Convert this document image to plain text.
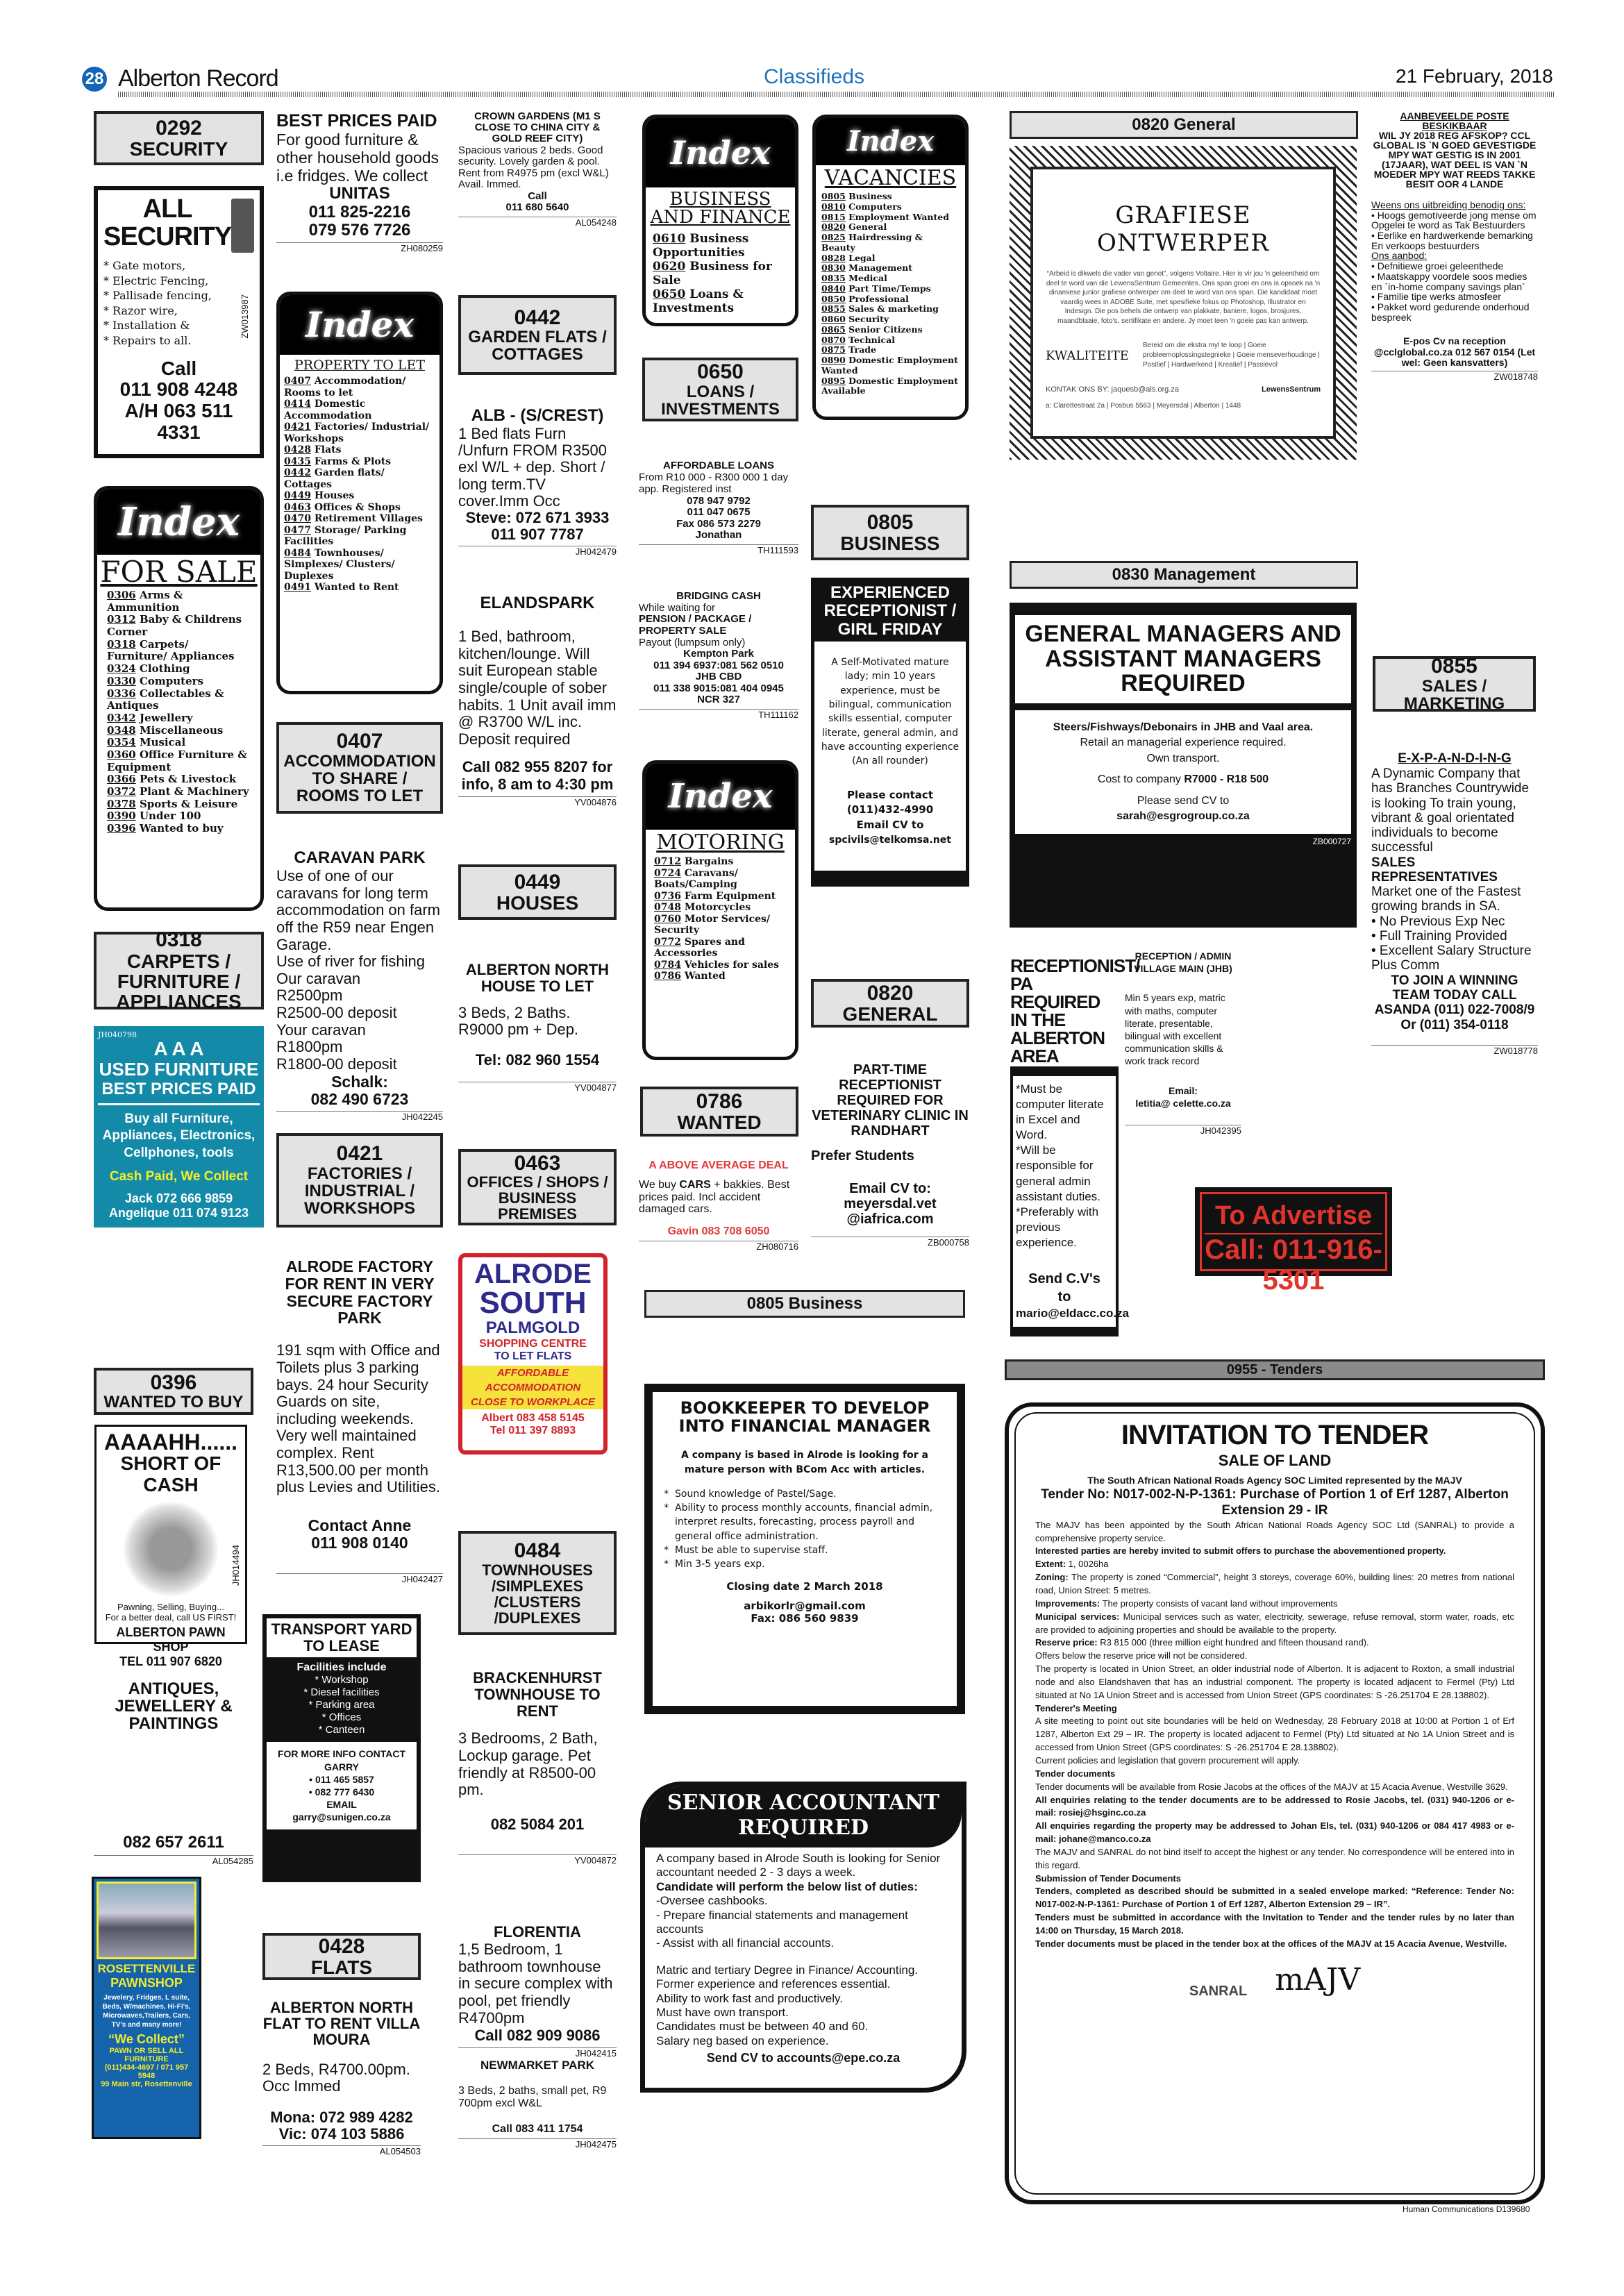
28 Alberton Record	Classifieds	21 February, 2018
0292
SECURITY
ALL
SECURITY
* Gate motors,
* Electric Fencing,
* Pallisade fencing,
* Razor wire,
* Installation &
* Repairs to all.
Call
011 908 4248
A/H 063 511 4331
ZW013987
Index
FOR SALE
0306 Arms & Ammunition
0312 Baby & Childrens Corner
0318 Carpets/ Furniture/ Appliances
0324 Clothing
0330 Computers
0336 Collectables & Antiques
0342 Jewellery
0348 Miscellaneous
0354 Musical
0360 Office Furniture & Equipment
0366 Pets & Livestock
0372 Plant & Machinery
0378 Sports & Leisure
0390 Under 100
0396 Wanted to buy
0318
CARPETS / FURNITURE / APPLIANCES
JH040798
A A A
USED FURNITURE
BEST PRICES PAID
Buy all Furniture, Appliances, Electronics, Cellphones, tools
Cash Paid, We Collect
Jack 072 666 9859
Angelique 011 074 9123
0396
WANTED TO BUY
AAAAHH......
SHORT OF CASH
Pawning, Selling, Buying...
For a better deal, call US FIRST!
ALBERTON PAWN SHOP
TEL 011 907 6820
JH014494
ANTIQUES, JEWELLERY & PAINTINGS
082 657 2611
AL054285
ROSETTENVILLE
PAWNSHOP
Jewelery, Fridges, L suite, Beds, W/machines, Hi-Fi's, Microwaves,Trailers, Cars, TV's and many more!
“We Collect”
PAWN OR SELL ALL FURNITURE
(011)434-4697 / 071 957 5948
99 Main str, Rosettenville
BEST PRICES PAID
For good furniture & other household goods i.e fridges. We collect
UNITAS
011 825-2216
079 576 7726
ZH080259
Index
PROPERTY TO LET
0407 Accommodation/ Rooms to let
0414 Domestic Accommodation
0421 Factories/ Industrial/ Workshops
0428 Flats
0435 Farms & Plots
0442 Garden flats/ Cottages
0449 Houses
0463 Offices & Shops
0470 Retirement Villages
0477 Storage/ Parking Facilities
0484 Townhouses/ Simplexes/ Clusters/ Duplexes
0491 Wanted to Rent
0407
ACCOMMODATION TO SHARE / ROOMS TO LET
CARAVAN PARK
Use of one of our caravans for long term accommodation on farm off the R59 near Engen Garage.
Use of river for fishing
Our caravan
R2500pm
R2500-00 deposit
Your caravan
R1800pm
R1800-00 deposit
Schalk:
082 490 6723
JH042245
0421
FACTORIES / INDUSTRIAL / WORKSHOPS
ALRODE FACTORY FOR RENT IN VERY SECURE FACTORY PARK
191 sqm with Office and Toilets plus 3 parking bays. 24 hour Security Guards on site, including weekends. Very well maintained complex. Rent R13,500.00 per month plus Levies and Utilities.
Contact Anne
011 908 0140
JH042427
TRANSPORT YARD TO LEASE
Facilities include
* Workshop
* Diesel facilities
* Parking area
* Offices
* Canteen
FOR MORE INFO CONTACT GARRY
• 011 465 5857
• 082 777 6430
EMAIL
garry@sunigen.co.za
0428
FLATS
ALBERTON NORTH FLAT TO RENT VILLA MOURA
2 Beds, R4700.00pm. Occ Immed
Mona: 072 989 4282
Vic: 074 103 5886
AL054503
CROWN GARDENS (M1 S CLOSE TO CHINA CITY & GOLD REEF CITY)
Spacious various 2 beds. Good security. Lovely garden & pool. Rent from R4975 pm (excl W&L) Avail. Immed.
Call
011 680 5640
AL054248
0442
GARDEN FLATS / COTTAGES
ALB - (S/CREST)
1 Bed flats Furn /Unfurn FROM R3500 exl W/L + dep. Short / long term.TV cover.Imm Occ
Steve: 072 671 3933
011 907 7787
JH042479
ELANDSPARK
1 Bed, bathroom, kitchen/lounge. Will suit European stable single/couple of sober habits. 1 Unit avail imm @ R3700 W/L inc. Deposit required
Call 082 955 8207 for info, 8 am to 4:30 pm
YV004876
0449
HOUSES
ALBERTON NORTH HOUSE TO LET
3 Beds, 2 Baths. R9000 pm + Dep.
Tel: 082 960 1554
YV004877
0463
OFFICES / SHOPS / BUSINESS PREMISES
ALRODE
SOUTH
PALMGOLD
SHOPPING CENTRE
TO LET FLATS
AFFORDABLE
ACCOMMODATION
CLOSE TO WORKPLACE
Albert 083 458 5145
Tel 011 397 8893
0484
TOWNHOUSES /SIMPLEXES /CLUSTERS /DUPLEXES
BRACKENHURST TOWNHOUSE TO RENT
3 Bedrooms, 2 Bath, Lockup garage. Pet friendly at R8500-00 pm.
082 5084 201
YV004872
FLORENTIA
1,5 Bedroom, 1 bathroom townhouse in secure complex with pool, pet friendly R4700pm
Call 082 909 9086
JH042415
NEWMARKET PARK
3 Beds, 2 baths, small pet, R9 700pm excl W&L
Call 083 411 1754
JH042475
Index
BUSINESS AND FINANCE
0610 Business Opportunities
0620 Business for Sale
0650 Loans & Investments
0650
LOANS / INVESTMENTS
AFFORDABLE LOANS
From R10 000 - R300 000 1 day app. Registered inst
078 947 9792
011 047 0675
Fax 086 573 2279
Jonathan
TH111593
BRIDGING CASH
While waiting for
PENSION / PACKAGE / PROPERTY SALE
Payout (lumpsum only)
Kempton Park
011 394 6937:081 562 0510
JHB CBD
011 338 9015:081 404 0945
NCR 327
TH111162
Index
MOTORING
0712 Bargains
0724 Caravans/ Boats/Camping
0736 Farm Equipment
0748 Motorcycles
0760 Motor Services/ Security
0772 Spares and Accessories
0784 Vehicles for sales
0786 Wanted
0786
WANTED
A ABOVE AVERAGE DEAL
We buy CARS + bakkies. Best prices paid. Incl accident damaged cars.
Gavin 083 708 6050
ZH080716
Index
VACANCIES
0805 Business
0810 Computers
0815 Employment Wanted
0820 General
0825 Hairdressing & Beauty
0828 Legal
0830 Management
0835 Medical
0840 Part Time/Temps
0850 Professional
0855 Sales & marketing
0860 Security
0865 Senior Citizens
0870 Technical
0875 Trade
0890 Domestic Employment Wanted
0895 Domestic Employment Available
0805
BUSINESS
EXPERIENCED RECEPTIONIST / GIRL FRIDAY
A Self-Motivated mature lady; min 10 years experience, must be bilingual, communication skills essential, computer literate, general admin, and have accounting experience (An all rounder)
Please contact
(011)432-4990
Email CV to
spcivils@telkomsa.net
0820
GENERAL
PART-TIME RECEPTIONIST REQUIRED FOR VETERINARY CLINIC IN RANDHART
Prefer Students
Email CV to:
meyersdal.vet @iafrica.com
ZB000758
0805 Business
BOOKKEEPER TO DEVELOP INTO FINANCIAL MANAGER
A company is based in Alrode is looking for a mature person with BCom Acc with articles.
* Sound knowledge of Pastel/Sage.
* Ability to process monthly accounts, financial admin, interpret results, forecasting, process payroll and general office administration.
* Must be able to supervise staff.
* Min 3-5 years exp.
Closing date 2 March 2018
arbikorlr@gmail.com
Fax: 086 560 9839
SENIOR ACCOUNTANT REQUIRED
A company based in Alrode South is looking for Senior accountant needed 2 - 3 days a week.
Candidate will perform the below list of duties:
-Oversee cashbooks.
- Prepare financial statements and management accounts
- Assist with all financial accounts.
Matric and tertiary Degree in Finance/ Accounting.
Former experience and references essential.
Ability to work fast and productively.
Must have own transport.
Candidates must be between 40 and 60.
Salary neg based on experience.
Send CV to accounts@epe.co.za
0820 General
GRAFIESE ONTWERPER
“Arbeid is dikwels die vader van genot”, volgens Voltaire. Hier is vir jou 'n geleentheid om deel te word van die LewensSentrum Gemeentes. Ons span groei en ons is opsoek na 'n dinamiese junior grafiese ontwerper om deel te word van ons span. Die kandidaat moet vaardig wees in ADOBE Suite, met spesifieke fokus op Photoshop, Illustrator en Indesign. Die pos behels die ontwerp van plakkate, baniere, logos, brosjures, maandblaaie, foto's, sertifikate en andere. Jy moet teen 'n goeie pas kan antwerp.
KWALITEITE
Bereid om die ekstra myl te loop | Goeie probleemoplossingstegnieke | Goeie menseverhoudinge | Positief | Hardwerkend | Kreatief | Passievol
KONTAK ONS BY: jaquesb@als.org.za	LewensSentrum
a: Clarettestraat 2a | Posbus 5563 | Meyersdal | Alberton | 1448
0830 Management
GENERAL MANAGERS AND ASSISTANT MANAGERS REQUIRED
Steers/Fishways/Debonairs in JHB and Vaal area.
Retail an managerial experience required.
Own transport.
Cost to company R7000 - R18 500
Please send CV to
sarah@esgrogroup.co.za
ZB000727
RECEPTIONIST/ PA REQUIRED IN THE ALBERTON AREA
*Must be computer literate in Excel and Word.
*Will be responsible for general admin assistant duties.
*Preferably with previous experience.
Send C.V's
to
mario@eldacc.co.za
RECEPTION / ADMIN VILLAGE MAIN (JHB)
Min 5 years exp, matric with maths, computer literate, presentable, bilingual with excellent communication skills & work track record
Email:
letitia@ celette.co.za
JH042395
To Advertise
Call: 011-916-5301
0955 - Tenders
INVITATION TO TENDER
SALE OF LAND
The South African National Roads Agency SOC Limited represented by the MAJV
Tender No: N017-002-N-P-1361: Purchase of Portion 1 of Erf 1287, Alberton Extension 29 - IR

The MAJV has been appointed by the South African National Roads Agency SOC Ltd (SANRAL) to provide a comprehensive property service.

Interested parties are hereby invited to submit offers to purchase the abovementioned property.

Extent: 1, 0026ha

Zoning: The property is zoned “Commercial”, height 3 storeys, coverage 60%, building lines: 20 metres from national road, Union Street: 5 metres.

Improvements: The property consists of vacant land without improvements

Municipal services: Municipal services such as water, electricity, sewerage, refuse removal, storm water, roads, etc are provided to adjoining properties and should be available to the property.

Reserve price: R3 815 000 (three million eight hundred and fifteen thousand rand).

Offers below the reserve price will not be considered.

The property is located in Union Street, an older industrial node of Alberton. It is adjacent to Roxton, a small industrial node and also Elandshaven that has an industrial component. The property is located adjacent to Fermel (Pty) Ltd situated at No 1A Union Street and is accessed from Union Street (GPS coordinates: S -26.251704 E 28.138802).

Tenderer's Meeting

A site meeting to point out site boundaries will be held on Wednesday, 28 February 2018 at 10:00 at Portion 1 of Erf 1287, Alberton Ext 29 – IR. The property is located adjacent to Fermel (Pty) Ltd situated at No 1A Union Street and is accessed from Union Street (GPS coordinates: S -26.251704 E 28.138802).

Current policies and legislation that govern procurement will apply.

Tender documents

Tender documents will be available from Rosie Jacobs at the offices of the MAJV at 15 Acacia Avenue, Westville 3629.

All enquiries relating to the tender documents are to be addressed to Rosie Jacobs, tel. (031) 940-1206 or e-mail: rosiej@hsginc.co.za

All enquiries regarding the property may be addressed to Johan Els, tel. (031) 940-1206 or 084 417 4983 or e-mail: johane@manco.co.za

The MAJV and SANRAL do not bind itself to accept the highest or any tender. No correspondence will be entered into in this regard.

Submission of Tender Documents

Tenders, completed as described should be submitted in a sealed envelope marked: “Reference: Tender No: N017-002-N-P-1361: Purchase of Portion 1 of Erf 1287, Alberton Extension 29 – IR”.

Tenders must be submitted in accordance with the Invitation to Tender and the tender rules by no later than 14:00 on Thursday, 15 March 2018.

Tender documents must be placed in the tender box at the offices of the MAJV at 15 Acacia Avenue, Westville.

SANRAL mAJV
Human Communications D139680
AANBEVEELDE POSTE BESKIKBAAR
WIL JY 2018 REG AFSKOP? CCL GLOBAL IS `N GOED GEVESTIGDE MPY WAT GESTIG IS IN 2001 (17JAAR), WAT DEEL IS VAN `N MOEDER MPY WAT REEDS TAKKE BESIT OOR 4 LANDE
Weens ons uitbreiding benodig ons:
• Hoogs gemotiveerde jong mense om Opgelei te word as Tak Bestuurders
• Eerlike en hardwerkende bemarking En verkoops bestuurders
Ons aanbod:
• Defnitiewe groei geleenthede
• Maatskappy voordele soos medies en `in-home company savings plan`
• Familie tipe werks atmosfeer
• Pakket word gedurende onderhoud bespreek
E-pos Cv na reception @cclglobal.co.za 012 567 0154 (Let wel: Geen kansvatters)
ZW018748
0855
SALES / MARKETING
E-X-P-A-N-D-I-N-G
A Dynamic Company that has Branches Countrywide is looking To train young, vibrant & goal orientated individuals to become successful
SALES REPRESENTATIVES
Market one of the Fastest growing brands in SA.
• No Previous Exp Nec
• Full Training Provided
• Excellent Salary Structure Plus Comm
TO JOIN A WINNING TEAM TODAY CALL ASANDA (011) 022-7008/9 Or (011) 354-0118
ZW018778
